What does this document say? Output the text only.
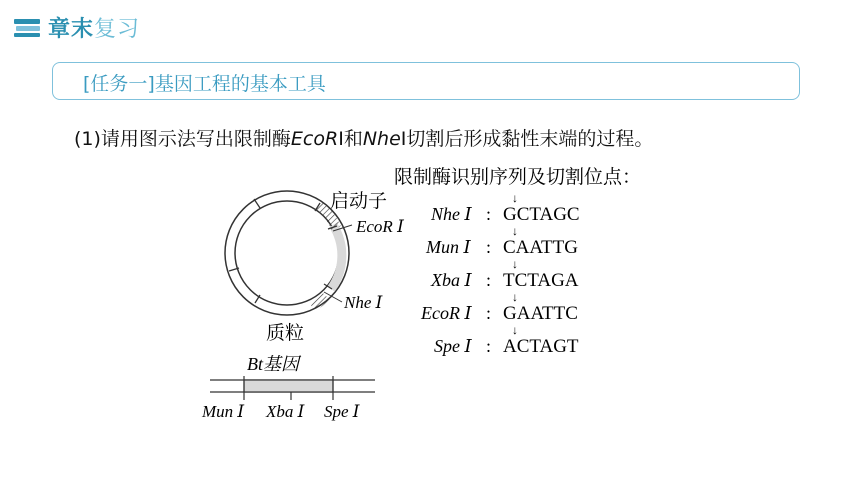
章末复习
[任务一]基因工程的基本工具
(1)请用图示法写出限制酶EcoRⅠ和NheⅠ切割后形成黏性末端的过程。
启动子
EcoR Ⅰ
Nhe Ⅰ
质粒
Bt基因
Mun Ⅰ Xba Ⅰ Spe Ⅰ
限制酶识别序列及切割位点：
Nhe Ⅰ : GCTAGC
↓
Mun Ⅰ : CAATTG
↓
Xba Ⅰ : TCTAGA
↓
EcoR Ⅰ : GAATTC
↓
Spe Ⅰ : ACTAGT
↓
